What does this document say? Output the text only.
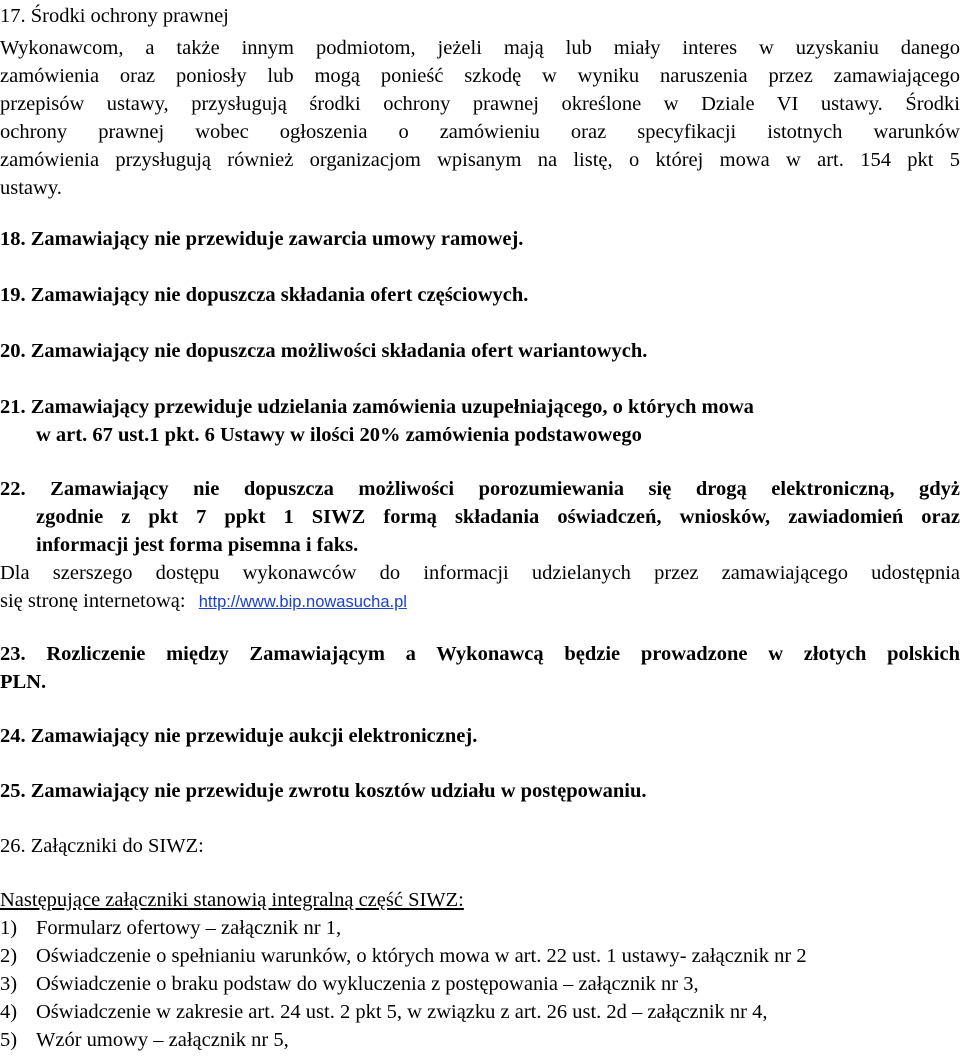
17. Środki ochrony prawnej
Wykonawcom, a także innym podmiotom, jeżeli mają lub miały interes w uzyskaniu danego
zamówienia oraz poniosły lub mogą ponieść szkodę w wyniku naruszenia przez zamawiającego
przepisów ustawy, przysługują środki ochrony prawnej określone w Dziale VI ustawy. Środki
ochrony prawnej wobec ogłoszenia o zamówieniu oraz specyfikacji istotnych warunków
zamówienia przysługują również organizacjom wpisanym na listę, o której mowa w art. 154 pkt 5
ustawy.
18. Zamawiający nie przewiduje zawarcia umowy ramowej.
19. Zamawiający nie dopuszcza składania ofert częściowych.
20. Zamawiający nie dopuszcza możliwości składania ofert wariantowych.
21. Zamawiający przewiduje udzielania zamówienia uzupełniającego, o których mowa
w art. 67 ust.1 pkt. 6 Ustawy w ilości 20% zamówienia podstawowego
22. Zamawiający nie dopuszcza możliwości porozumiewania się drogą elektroniczną, gdyż
zgodnie z pkt 7 ppkt 1 SIWZ formą składania oświadczeń, wniosków, zawiadomień oraz
informacji jest forma pisemna i faks.
Dla szerszego dostępu wykonawców do informacji udzielanych przez zamawiającego udostępnia
się stronę internetową: http://www.bip.nowasucha.pl
23. Rozliczenie między Zamawiającym a Wykonawcą będzie prowadzone w złotych polskich
PLN.
24. Zamawiający nie przewiduje aukcji elektronicznej.
25. Zamawiający nie przewiduje zwrotu kosztów udziału w postępowaniu.
26. Załączniki do SIWZ:
Następujące załączniki stanowią integralną część SIWZ:
1) Formularz ofertowy – załącznik nr 1,
2) Oświadczenie o spełnianiu warunków, o których mowa w art. 22 ust. 1 ustawy- załącznik nr 2
3) Oświadczenie o braku podstaw do wykluczenia z postępowania – załącznik nr 3,
4) Oświadczenie w zakresie art. 24 ust. 2 pkt 5, w związku z art. 26 ust. 2d – załącznik nr 4,
5) Wzór umowy – załącznik nr 5,
